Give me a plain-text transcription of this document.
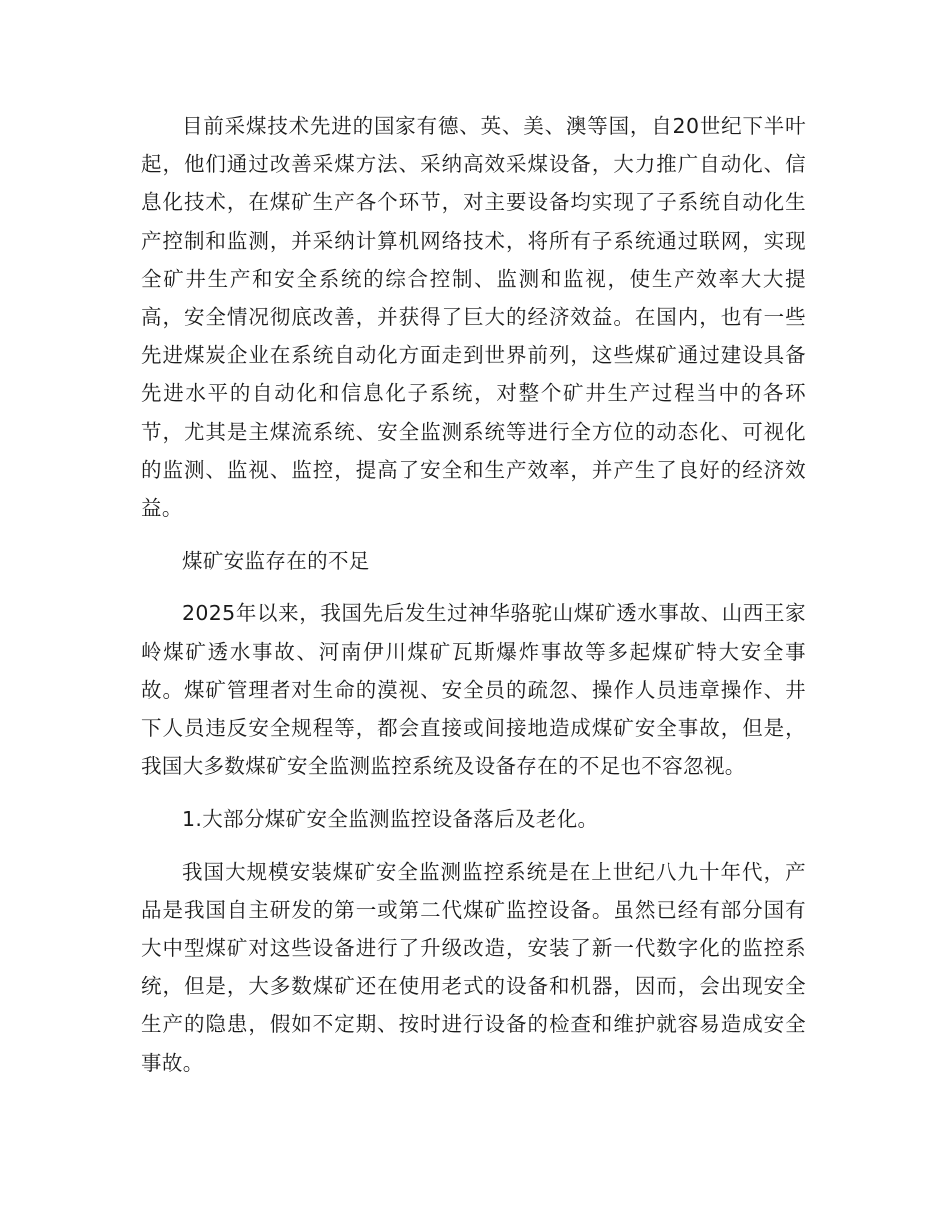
目前采煤技术先进的国家有德、英、美、澳等国，自20世纪下半叶起，他们通过改善采煤方法、采纳高效采煤设备，大力推广自动化、信息化技术，在煤矿生产各个环节，对主要设备均实现了子系统自动化生产控制和监测，并采纳计算机网络技术，将所有子系统通过联网，实现全矿井生产和安全系统的综合控制、监测和监视，使生产效率大大提高，安全情况彻底改善，并获得了巨大的经济效益。在国内，也有一些先进煤炭企业在系统自动化方面走到世界前列，这些煤矿通过建设具备先进水平的自动化和信息化子系统，对整个矿井生产过程当中的各环节，尤其是主煤流系统、安全监测系统等进行全方位的动态化、可视化的监测、监视、监控，提高了安全和生产效率，并产生了良好的经济效益。

煤矿安监存在的不足

2025年以来，我国先后发生过神华骆驼山煤矿透水事故、山西王家岭煤矿透水事故、河南伊川煤矿瓦斯爆炸事故等多起煤矿特大安全事故。煤矿管理者对生命的漠视、安全员的疏忽、操作人员违章操作、井下人员违反安全规程等，都会直接或间接地造成煤矿安全事故，但是，我国大多数煤矿安全监测监控系统及设备存在的不足也不容忽视。

1.大部分煤矿安全监测监控设备落后及老化。

我国大规模安装煤矿安全监测监控系统是在上世纪八九十年代，产品是我国自主研发的第一或第二代煤矿监控设备。虽然已经有部分国有大中型煤矿对这些设备进行了升级改造，安装了新一代数字化的监控系统，但是，大多数煤矿还在使用老式的设备和机器，因而，会出现安全生产的隐患，假如不定期、按时进行设备的检查和维护就容易造成安全事故。
